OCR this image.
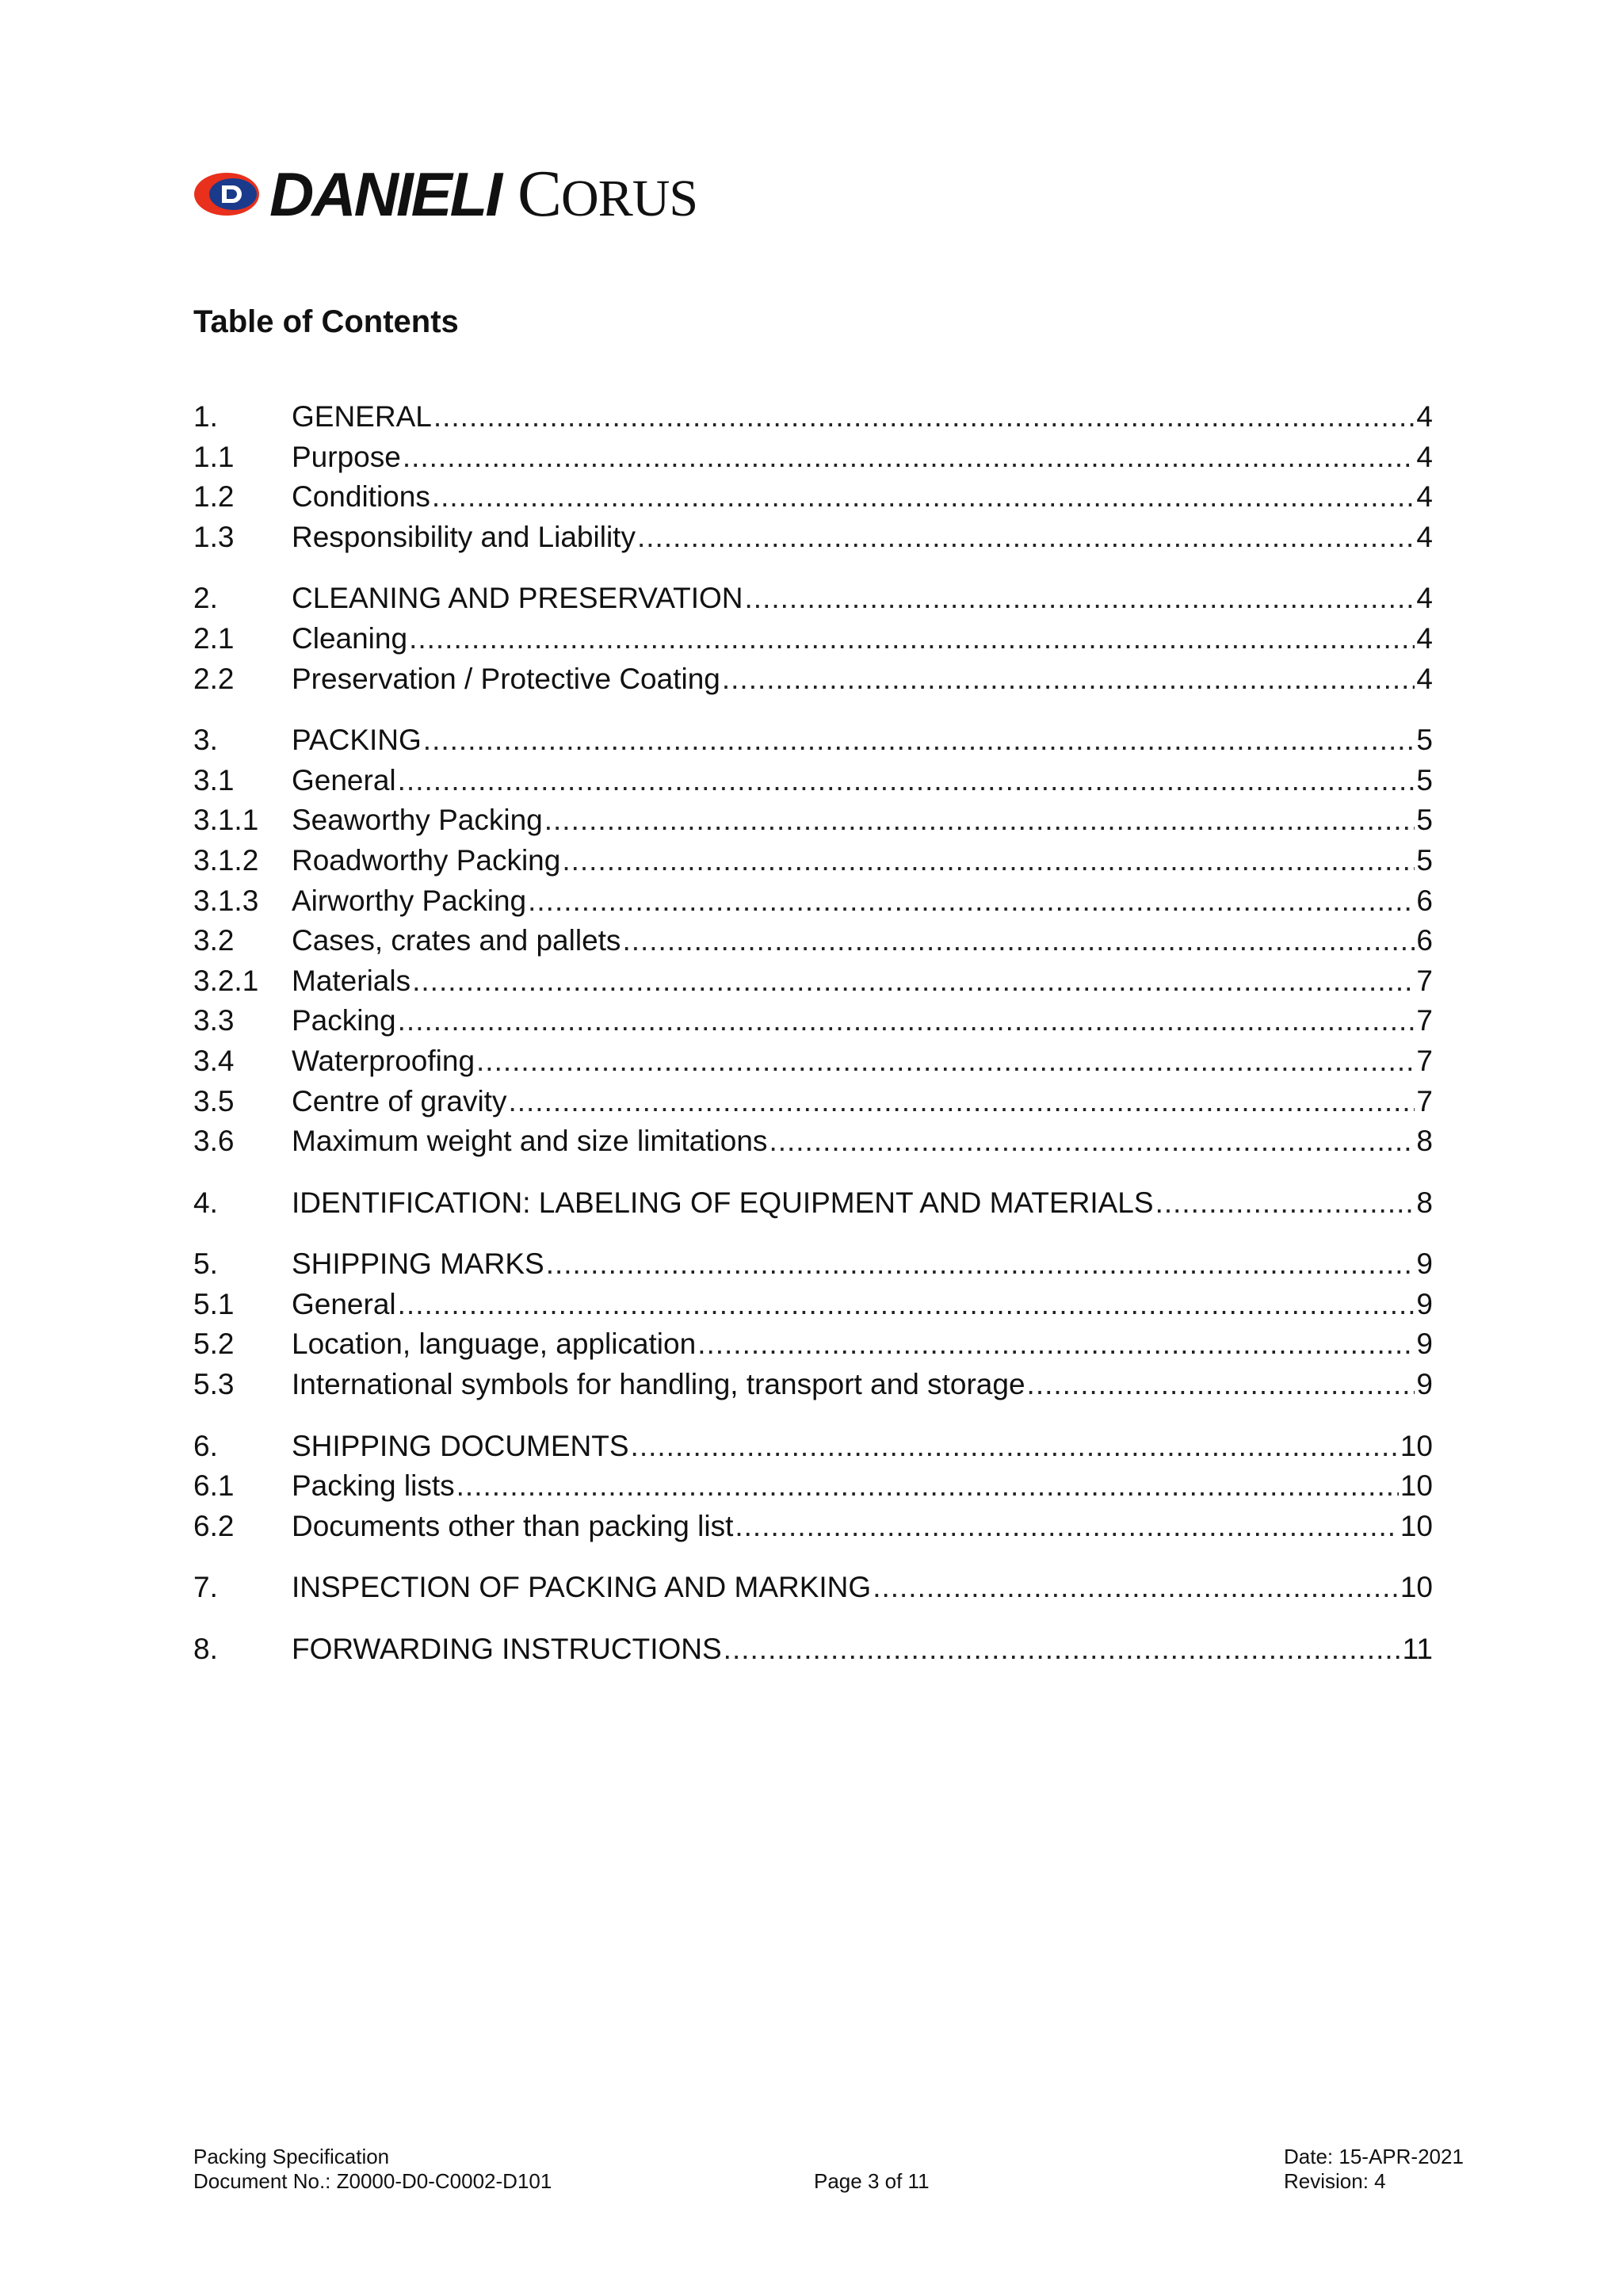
DANIELI CORUS
Table of Contents
1.	GENERAL .....	4
1.1	Purpose .....	4
1.2	Conditions .....	4
1.3	Responsibility and Liability .....	4
2.	CLEANING AND PRESERVATION .....	4
2.1	Cleaning .....	4
2.2	Preservation / Protective Coating .....	4
3.	PACKING .....	5
3.1	General .....	5
3.1.1	Seaworthy Packing .....	5
3.1.2	Roadworthy Packing .....	5
3.1.3	Airworthy Packing .....	6
3.2	Cases, crates and pallets .....	6
3.2.1	Materials .....	7
3.3	Packing .....	7
3.4	Waterproofing .....	7
3.5	Centre of gravity .....	7
3.6	Maximum weight and size limitations .....	8
4.	IDENTIFICATION: LABELING OF EQUIPMENT AND MATERIALS .....	8
5.	SHIPPING MARKS .....	9
5.1	General .....	9
5.2	Location, language, application .....	9
5.3	International symbols for handling, transport and storage .....	9
6.	SHIPPING DOCUMENTS .....	10
6.1	Packing lists .....	10
6.2	Documents other than packing list .....	10
7.	INSPECTION OF PACKING AND MARKING .....	10
8.	FORWARDING INSTRUCTIONS .....	11
Packing Specification
Document No.: Z0000-D0-C0002-D101	Page 3 of 11
Date: 15-APR-2021
Revision: 4
